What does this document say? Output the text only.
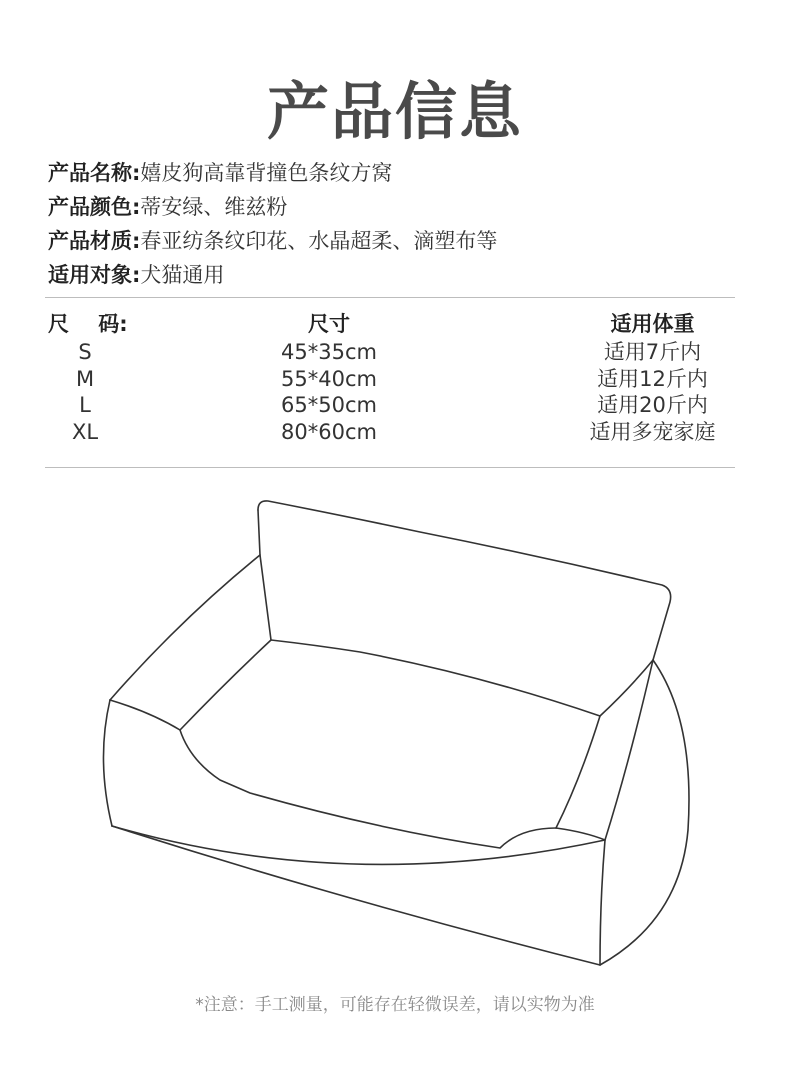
产品信息
产品名称:嬉皮狗高靠背撞色条纹方窝
产品颜色:蒂安绿、维兹粉
产品材质:春亚纺条纹印花、水晶超柔、滴塑布等
适用对象:犬猫通用
尺    码:	尺寸	适用体重
S	45*35cm	适用7斤内
M	55*40cm	适用12斤内
L	65*50cm	适用20斤内
XL	80*60cm	适用多宠家庭
*注意：手工测量，可能存在轻微误差，请以实物为准
